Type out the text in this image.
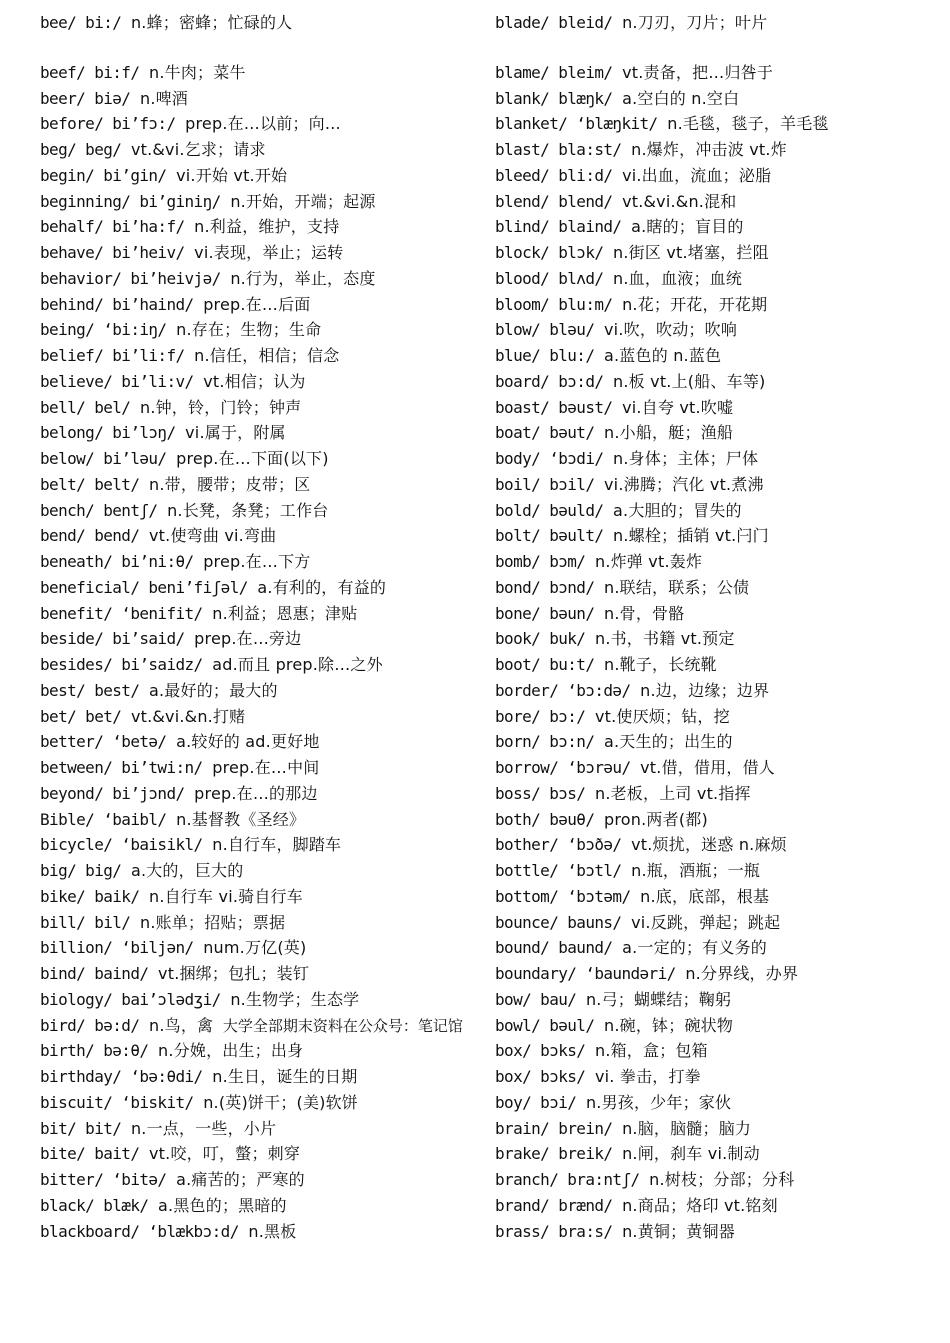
bee/ bi:/ n.蜂；密蜂；忙碌的人
beef/ bi:f/ n.牛肉；菜牛
beer/ biə/ n.啤酒
before/ bi’fɔ:/ prep.在…以前；向…
beg/ beg/ vt.&vi.乞求；请求
begin/ bi’gin/ vi.开始 vt.开始
beginning/ bi’giniŋ/ n.开始，开端；起源
behalf/ bi’ha:f/ n.利益，维护，支持
behave/ bi’heiv/ vi.表现，举止；运转
behavior/ bi’heivjə/ n.行为，举止，态度
behind/ bi’haind/ prep.在…后面
being/ ‘bi:iŋ/ n.存在；生物；生命
belief/ bi’li:f/ n.信任，相信；信念
believe/ bi’li:v/ vt.相信；认为
bell/ bel/ n.钟，铃，门铃；钟声
belong/ bi’lɔŋ/ vi.属于，附属
below/ bi’ləu/ prep.在…下面(以下)
belt/ belt/ n.带，腰带；皮带；区
bench/ bentʃ/ n.长凳，条凳；工作台
bend/ bend/ vt.使弯曲 vi.弯曲
beneath/ bi’ni:θ/ prep.在…下方
beneficial/ beni’fiʃəl/ a.有利的，有益的
benefit/ ‘benifit/ n.利益；恩惠；津贴
beside/ bi’said/ prep.在…旁边
besides/ bi’saidz/ ad.而且 prep.除…之外
best/ best/ a.最好的；最大的
bet/ bet/ vt.&vi.&n.打赌
better/ ‘betə/ a.较好的 ad.更好地
between/ bi’twi:n/ prep.在…中间
beyond/ bi’jɔnd/ prep.在…的那边
Bible/ ‘baibl/ n.基督教《圣经》
bicycle/ ‘baisikl/ n.自行车，脚踏车
big/ big/ a.大的，巨大的
bike/ baik/ n.自行车 vi.骑自行车
bill/ bil/ n.账单；招贴；票据
billion/ ‘biljən/ num.万亿(英)
bind/ baind/ vt.捆绑；包扎；装钉
biology/ bai’ɔlədʒi/ n.生物学；生态学
bird/ bə:d/ n.鸟，禽 大学全部期末资料在公众号：笔记馆
birth/ bə:θ/ n.分娩，出生；出身
birthday/ ‘bə:θdi/ n.生日，诞生的日期
biscuit/ ‘biskit/ n.(英)饼干；(美)软饼
bit/ bit/ n.一点，一些，小片
bite/ bait/ vt.咬，叮，螫；刺穿
bitter/ ‘bitə/ a.痛苦的；严寒的
black/ blæk/ a.黑色的；黑暗的
blackboard/ ‘blækbɔ:d/ n.黑板
blade/ bleid/ n.刀刃，刀片；叶片
blame/ bleim/ vt.责备，把…归咎于
blank/ blæŋk/ a.空白的 n.空白
blanket/ ‘blæŋkit/ n.毛毯，毯子，羊毛毯
blast/ bla:st/ n.爆炸，冲击波 vt.炸
bleed/ bli:d/ vi.出血，流血；泌脂
blend/ blend/ vt.&vi.&n.混和
blind/ blaind/ a.瞎的；盲目的
block/ blɔk/ n.街区 vt.堵塞，拦阻
blood/ blʌd/ n.血，血液；血统
bloom/ blu:m/ n.花；开花，开花期
blow/ bləu/ vi.吹，吹动；吹响
blue/ blu:/ a.蓝色的 n.蓝色
board/ bɔ:d/ n.板 vt.上(船、车等)
boast/ bəust/ vi.自夸 vt.吹嘘
boat/ bəut/ n.小船，艇；渔船
body/ ‘bɔdi/ n.身体；主体；尸体
boil/ bɔil/ vi.沸腾；汽化 vt.煮沸
bold/ bəuld/ a.大胆的；冒失的
bolt/ bəult/ n.螺栓；插销 vt.闩门
bomb/ bɔm/ n.炸弹 vt.轰炸
bond/ bɔnd/ n.联结，联系；公债
bone/ bəun/ n.骨，骨骼
book/ buk/ n.书，书籍 vt.预定
boot/ bu:t/ n.靴子，长统靴
border/ ‘bɔ:də/ n.边，边缘；边界
bore/ bɔ:/ vt.使厌烦；钻，挖
born/ bɔ:n/ a.天生的；出生的
borrow/ ‘bɔrəu/ vt.借，借用，借人
boss/ bɔs/ n.老板，上司 vt.指挥
both/ bəuθ/ pron.两者(都)
bother/ ‘bɔðə/ vt.烦扰，迷惑 n.麻烦
bottle/ ‘bɔtl/ n.瓶，酒瓶；一瓶
bottom/ ‘bɔtəm/ n.底，底部，根基
bounce/ bauns/ vi.反跳，弹起；跳起
bound/ baund/ a.一定的；有义务的
boundary/ ‘baundəri/ n.分界线，办界
bow/ bau/ n.弓；蝴蝶结；鞠躬
bowl/ bəul/ n.碗，钵；碗状物
box/ bɔks/ n.箱，盒；包箱
box/ bɔks/ vi. 拳击，打拳
boy/ bɔi/ n.男孩，少年；家伙
brain/ brein/ n.脑，脑髓；脑力
brake/ breik/ n.闸，刹车 vi.制动
branch/ bra:ntʃ/ n.树枝；分部；分科
brand/ brænd/ n.商品；烙印 vt.铭刻
brass/ bra:s/ n.黄铜；黄铜器
